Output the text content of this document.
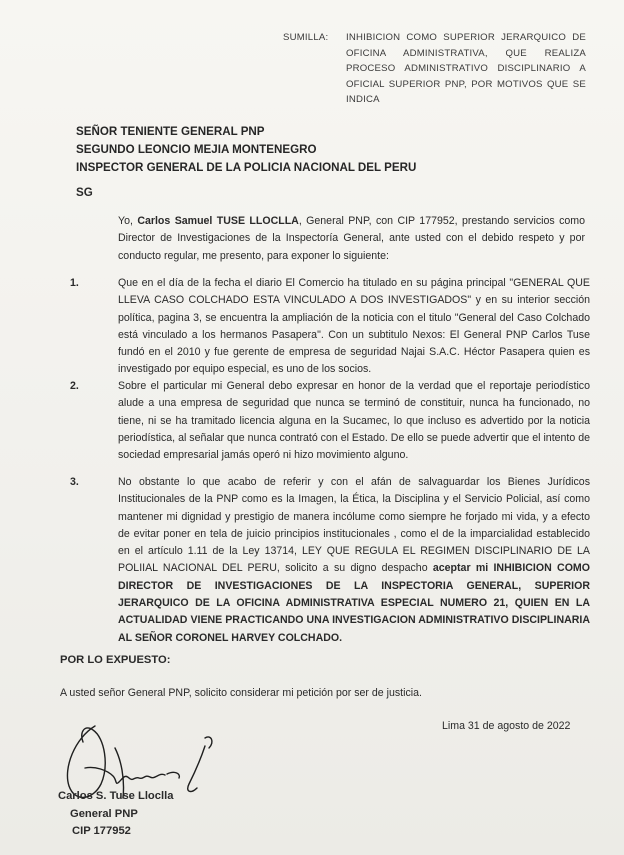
SUMILLA:	INHIBICION COMO SUPERIOR JERARQUICO DE OFICINA ADMINISTRATIVA, QUE REALIZA PROCESO ADMINISTRATIVO DISCIPLINARIO A OFICIAL SUPERIOR PNP, POR MOTIVOS QUE SE INDICA
SEÑOR TENIENTE GENERAL PNP
SEGUNDO LEONCIO MEJIA MONTENEGRO
INSPECTOR GENERAL DE LA POLICIA NACIONAL DEL PERU
SG
Yo, Carlos Samuel TUSE LLOCLLA, General PNP, con CIP 177952, prestando servicios como Director de Investigaciones de la Inspectoría General, ante usted con el debido respeto y por conducto regular, me presento, para exponer lo siguiente:
1.	Que en el día de la fecha el diario El Comercio ha titulado en su página principal "GENERAL QUE LLEVA CASO COLCHADO ESTA VINCULADO A DOS INVESTIGADOS" y en su interior sección política, pagina 3, se encuentra la ampliación de la noticia con el titulo "General del Caso Colchado está vinculado a los hermanos Pasapera". Con un subtitulo Nexos: El General PNP Carlos Tuse fundó en el 2010 y fue gerente de empresa de seguridad Najai S.A.C. Héctor Pasapera quien es investigado por equipo especial, es uno de los socios.
2.	Sobre el particular mi General debo expresar en honor de la verdad que el reportaje periodístico alude a una empresa de seguridad que nunca se terminó de constituir, nunca ha funcionado, no tiene, ni se ha tramitado licencia alguna en la Sucamec, lo que incluso es advertido por la noticia periodística, al señalar que nunca contrató con el Estado. De ello se puede advertir que el intento de sociedad empresarial jamás operó ni hizo movimiento alguno.
3.	No obstante lo que acabo de referir y con el afán de salvaguardar los Bienes Jurídicos Institucionales de la PNP como es la Imagen, la Ética, la Disciplina y el Servicio Policial, así como mantener mi dignidad y prestigio de manera incólume como siempre he forjado mi vida, y a efecto de evitar poner en tela de juicio principios institucionales , como el de la imparcialidad establecido en el artículo 1.11 de la Ley 13714, LEY QUE REGULA EL REGIMEN DISCIPLINARIO DE LA POLIIAL NACIONAL DEL PERU, solicito a su digno despacho aceptar mi INHIBICION COMO DIRECTOR DE INVESTIGACIONES DE LA INSPECTORIA GENERAL, SUPERIOR JERARQUICO DE LA OFICINA ADMINISTRATIVA ESPECIAL NUMERO 21, QUIEN EN LA ACTUALIDAD VIENE PRACTICANDO UNA INVESTIGACION ADMINISTRATIVO DISCIPLINARIA AL SEÑOR CORONEL HARVEY COLCHADO.
POR LO EXPUESTO:
A usted señor General PNP, solicito considerar mi petición por ser de justicia.
Lima 31 de agosto de 2022
Carlos S. Tuse Lloclla
General PNP
CIP 177952
